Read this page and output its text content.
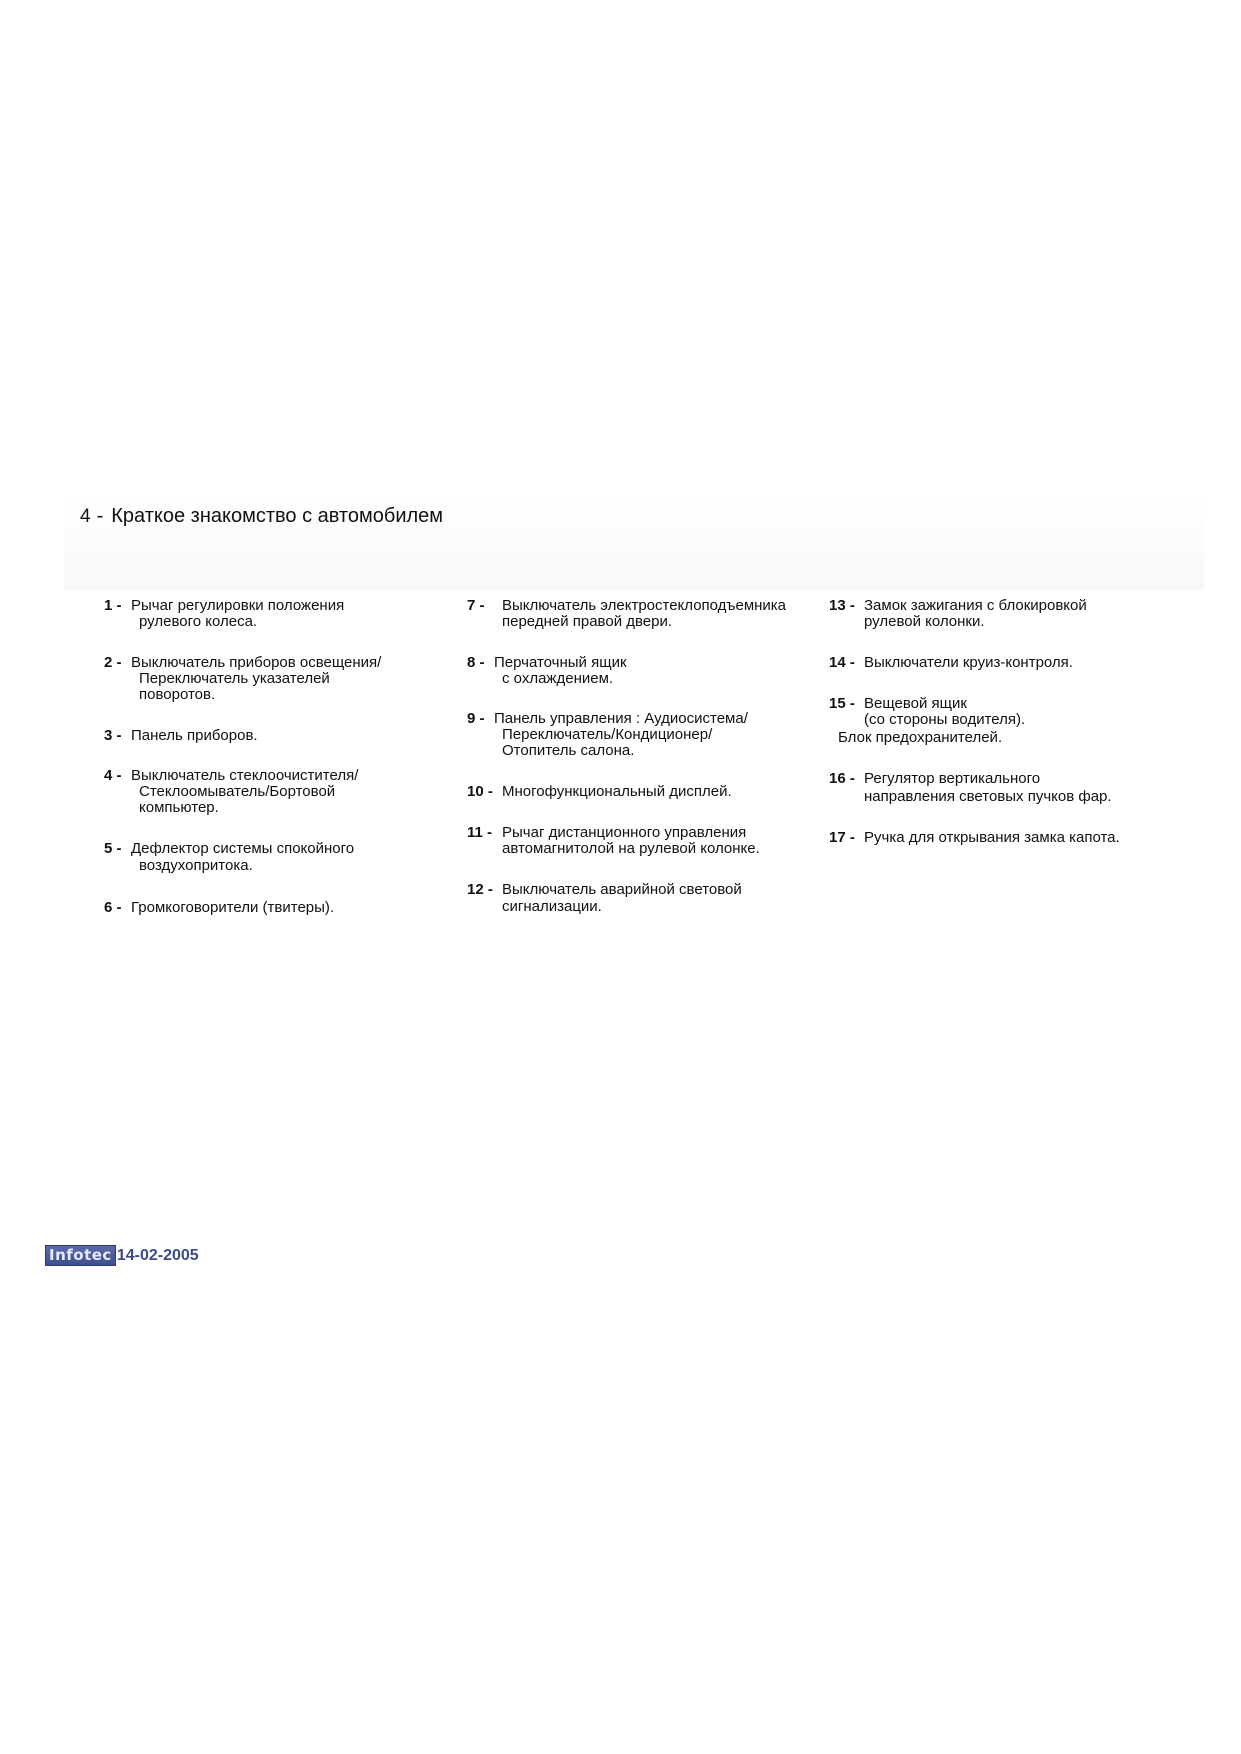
4 - Краткое знакомство с автомобилем
1 - Рычаг регулировки положения
рулевого колеса.
2 - Выключатель приборов освещения/
Переключатель указателей
поворотов.
3 - Панель приборов.
4 - Выключатель стеклоочистителя/
Стеклоомыватель/Бортовой
компьютер.
5 - Дефлектор системы спокойного
воздухопритока.
6 - Громкоговорители (твитеры).
7 - Выключатель электростеклоподъемника
передней правой двери.
8 - Перчаточный ящик
с охлаждением.
9 - Панель управления : Аудиосистема/
Переключатель/Кондиционер/
Отопитель салона.
10 - Многофункциональный дисплей.
11 - Рычаг дистанционного управления
автомагнитолой на рулевой колонке.
12 - Выключатель аварийной световой
сигнализации.
13 - Замок зажигания с блокировкой
рулевой колонки.
14 - Выключатели круиз-контроля.
15 - Вещевой ящик
(со стороны водителя).
Блок предохранителей.
16 - Регулятор вертикального
направления световых пучков фар.
17 - Ручка для открывания замка капота.
Infotec 14-02-2005
